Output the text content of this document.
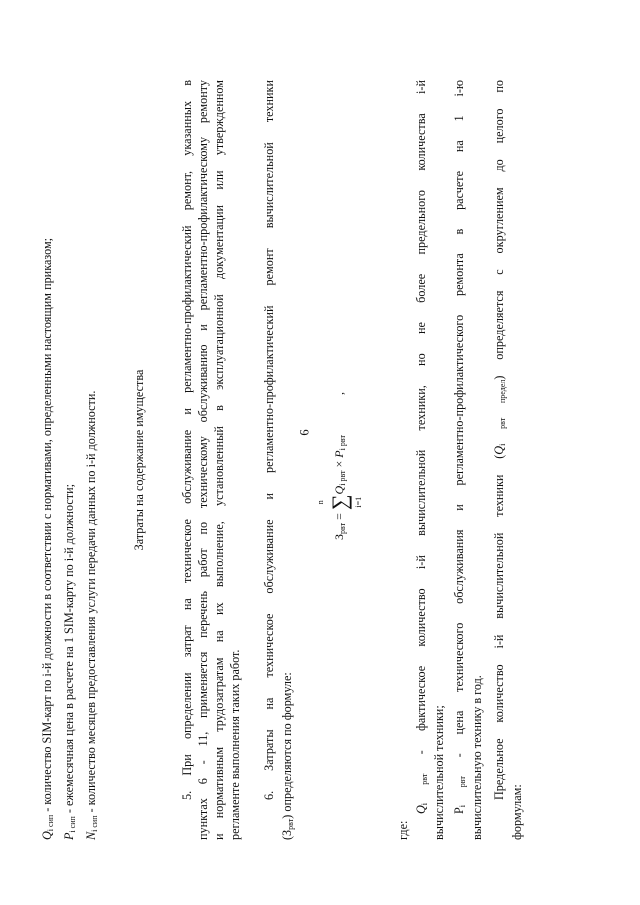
6
$Q_{i сип}$ - количество SIM-карт по i-й должности в соответствии с нормативами, определенными настоящим приказом;
$P_{i сип}$ - ежемесячная цена в расчете на 1 SIM-карту по i-й должности;
$N_{i сип}$ - количество месяцев предоставления услуги передачи данных по i-й должности.	Затраты на содержание имущества	5. При определении затрат на техническое обслуживание и регламентно-профилактический ремонт, указанных в пунктах 6 - 11, применяется перечень работ по техническому обслуживанию и регламентно-профилактическому ремонту и нормативным трудозатратам на их выполнение, установленный в эксплуатационной документации или утвержденном регламенте выполнения таких работ. 6. Затраты на техническое обслуживание и регламентно-профилактический ремонт вычислительной техники
$(З_{рвт})$ определяются по формуле:
$З_{рвт}$ =
n ∑ i=1
$Q_{i рвт} \times P_{i рвт}$,
где:
$Q_{i рвт}$ - фактическое количество i-й вычислительной техники, но не более предельного количества i-й вычислительной техники; $P_{i рвт}$ - цена технического обслуживания и регламентно-профилактического ремонта в расчете на 1 i-ю вычислительную технику в год. Предельное количество i-й вычислительной техники $(Q_{i рвт предел})$ определяется с округлением до целого по
формулам:
